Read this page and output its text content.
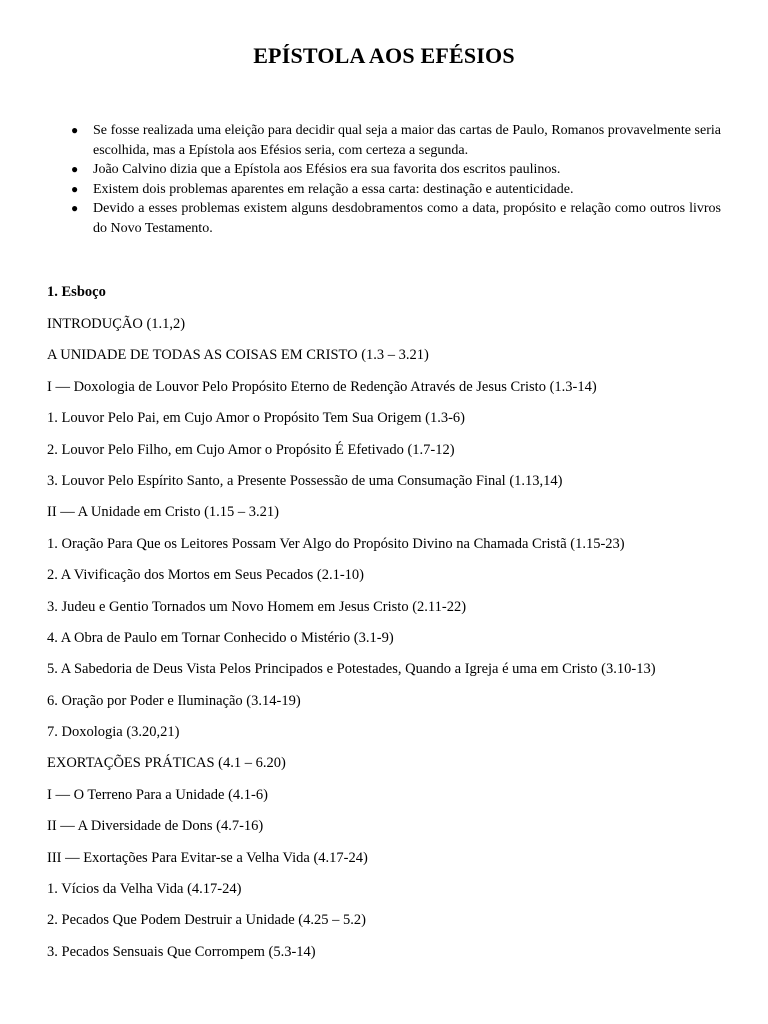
EPÍSTOLA AOS EFÉSIOS
● Se fosse realizada uma eleição para decidir qual seja a maior das cartas de Paulo, Romanos provavelmente seria escolhida, mas a Epístola aos Efésios seria, com certeza a segunda.
● João Calvino dizia que a Epístola aos Efésios era sua favorita dos escritos paulinos.
● Existem dois problemas aparentes em relação a essa carta: destinação e autenticidade.
● Devido a esses problemas existem alguns desdobramentos como a data, propósito e relação como outros livros do Novo Testamento.
1. Esboço
INTRODUÇÃO (1.1,2)
A UNIDADE DE TODAS AS COISAS EM CRISTO (1.3 – 3.21)
I — Doxologia de Louvor Pelo Propósito Eterno de Redenção Através de Jesus Cristo (1.3-14)
1. Louvor Pelo Pai, em Cujo Amor o Propósito Tem Sua Origem (1.3-6)
2. Louvor Pelo Filho, em Cujo Amor o Propósito É Efetivado (1.7-12)
3. Louvor Pelo Espírito Santo, a Presente Possessão de uma Consumação Final (1.13,14)
II — A Unidade em Cristo (1.15 – 3.21)
1. Oração Para Que os Leitores Possam Ver Algo do Propósito Divino na Chamada Cristã (1.15-23)
2. A Vivificação dos Mortos em Seus Pecados (2.1-10)
3. Judeu e Gentio Tornados um Novo Homem em Jesus Cristo (2.11-22)
4. A Obra de Paulo em Tornar Conhecido o Mistério (3.1-9)
5. A Sabedoria de Deus Vista Pelos Principados e Potestades, Quando a Igreja é uma em Cristo (3.10-13)
6. Oração por Poder e Iluminação (3.14-19)
7. Doxologia (3.20,21)
EXORTAÇÕES PRÁTICAS (4.1 – 6.20)
I — O Terreno Para a Unidade (4.1-6)
II — A Diversidade de Dons (4.7-16)
III — Exortações Para Evitar-se a Velha Vida (4.17-24)
1. Vícios da Velha Vida (4.17-24)
2. Pecados Que Podem Destruir a Unidade (4.25 – 5.2)
3. Pecados Sensuais Que Corrompem (5.3-14)
